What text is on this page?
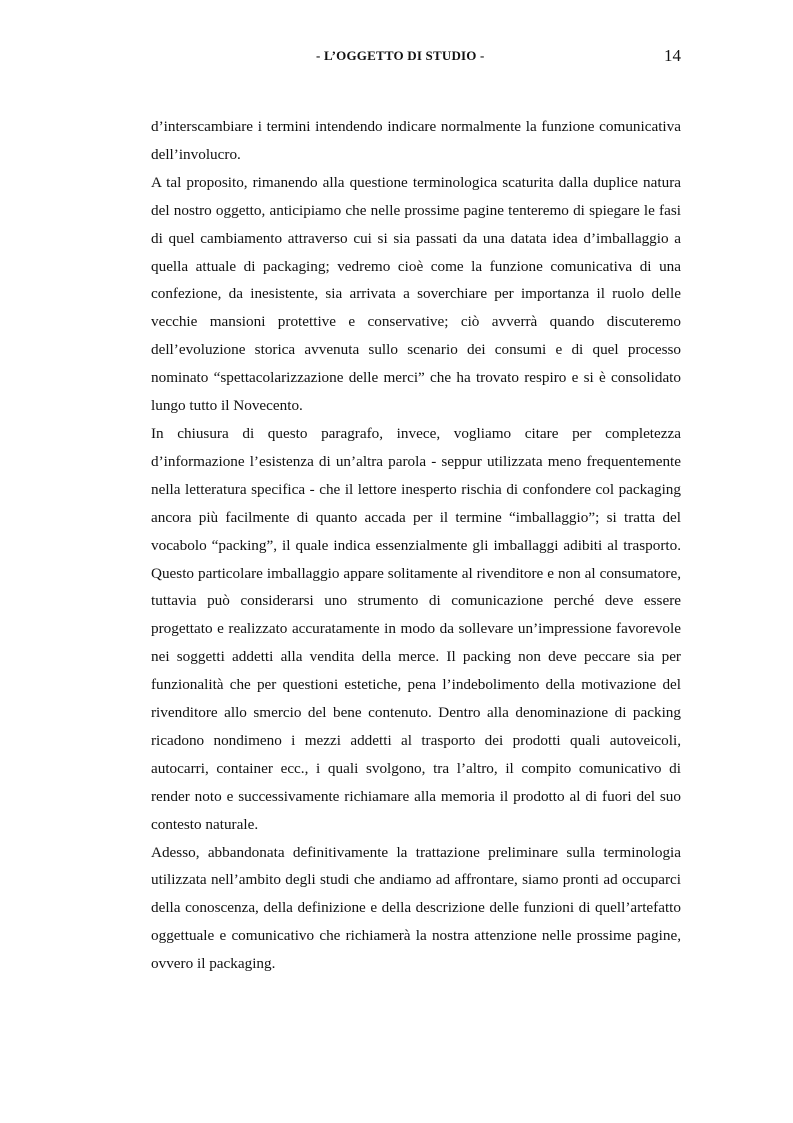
- L’OGGETTO DI STUDIO -	14

d’interscambiare i termini intendendo indicare normalmente la funzione comunicativa dell’involucro.

A tal proposito, rimanendo alla questione terminologica scaturita dalla duplice natura del nostro oggetto, anticipiamo che nelle prossime pagine tenteremo di spiegare le fasi di quel cambiamento attraverso cui si sia passati da una datata idea d’imballaggio a quella attuale di packaging; vedremo cioè come la funzione comunicativa di una confezione, da inesistente, sia arrivata a soverchiare per importanza il ruolo delle vecchie mansioni protettive e conservative; ciò avverrà quando discuteremo dell’evoluzione storica avvenuta sullo scenario dei consumi e di quel processo nominato “spettacolarizzazione delle merci” che ha trovato respiro e si è consolidato lungo tutto il Novecento.

In chiusura di questo paragrafo, invece, vogliamo citare per completezza d’informazione l’esistenza di un’altra parola - seppur utilizzata meno frequentemente nella letteratura specifica - che il lettore inesperto rischia di confondere col packaging ancora più facilmente di quanto accada per il termine “imballaggio”; si tratta del vocabolo “packing”, il quale indica essenzialmente gli imballaggi adibiti al trasporto. Questo particolare imballaggio appare solitamente al rivenditore e non al consumatore, tuttavia può considerarsi uno strumento di comunicazione perché deve essere progettato e realizzato accuratamente in modo da sollevare un’impressione favorevole nei soggetti addetti alla vendita della merce. Il packing non deve peccare sia per funzionalità che per questioni estetiche, pena l’indebolimento della motivazione del rivenditore allo smercio del bene contenuto. Dentro alla denominazione di packing ricadono nondimeno i mezzi addetti al trasporto dei prodotti quali autoveicoli, autocarri, container ecc., i quali svolgono, tra l’altro, il compito comunicativo di render noto e successivamente richiamare alla memoria il prodotto al di fuori del suo contesto naturale.

Adesso, abbandonata definitivamente la trattazione preliminare sulla terminologia utilizzata nell’ambito degli studi che andiamo ad affrontare, siamo pronti ad occuparci della conoscenza, della definizione e della descrizione delle funzioni di quell’artefatto oggettuale e comunicativo che richiamerà la nostra attenzione nelle prossime pagine, ovvero il packaging.
